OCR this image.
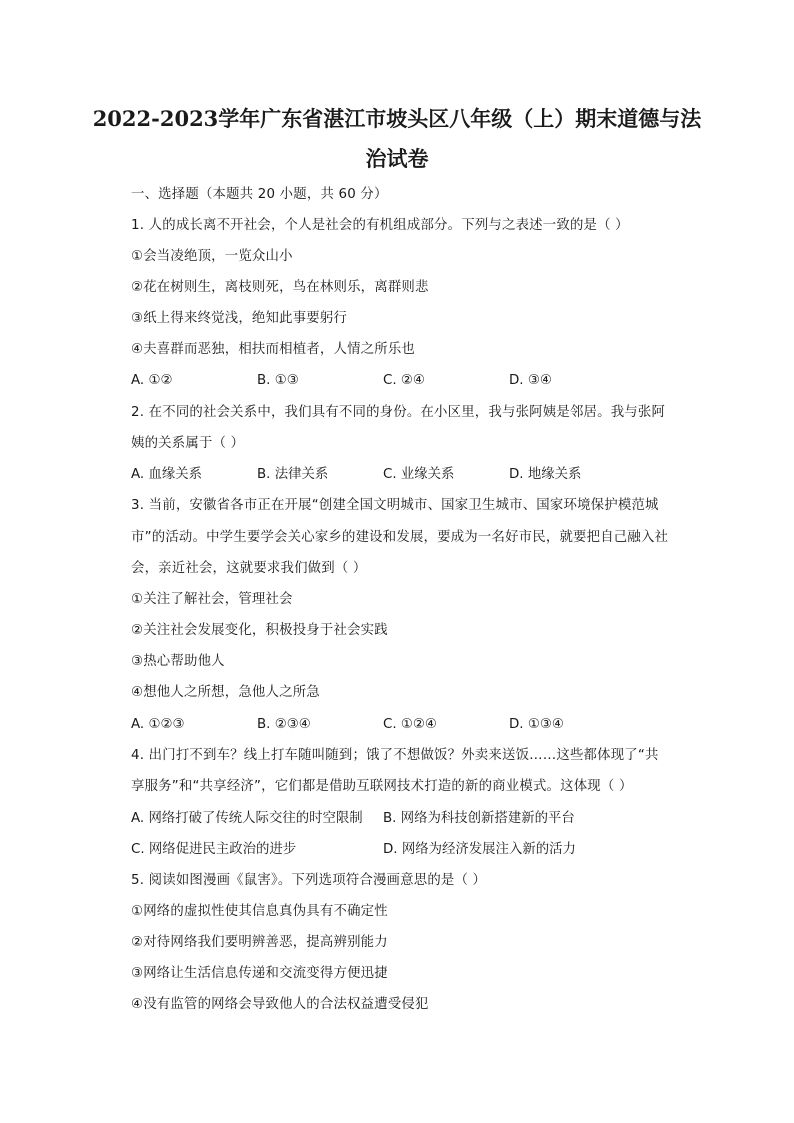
2022-2023学年广东省湛江市坡头区八年级（上）期末道德与法
治试卷
一、选择题（本题共 20 小题，共 60 分）
1. 人的成长离不开社会，个人是社会的有机组成部分。下列与之表述一致的是（ ）
①会当凌绝顶，一览众山小
②花在树则生，离枝则死，鸟在林则乐，离群则悲
③纸上得来终觉浅，绝知此事要躬行
④夫喜群而恶独，相扶而相植者，人情之所乐也
A. ①②	B. ①③	C. ②④	D. ③④
2. 在不同的社会关系中，我们具有不同的身份。在小区里，我与张阿姨是邻居。我与张阿
姨的关系属于（ ）
A. 血缘关系	B. 法律关系	C. 业缘关系	D. 地缘关系
3. 当前，安徽省各市正在开展“创建全国文明城市、国家卫生城市、国家环境保护模范城
市”的活动。中学生要学会关心家乡的建设和发展，要成为一名好市民，就要把自己融入社
会，亲近社会，这就要求我们做到（ ）
①关注了解社会，管理社会
②关注社会发展变化，积极投身于社会实践
③热心帮助他人
④想他人之所想，急他人之所急
A. ①②③	B. ②③④	C. ①②④	D. ①③④
4. 出门打不到车？线上打车随叫随到；饿了不想做饭？外卖来送饭……这些都体现了“共
享服务”和“共享经济”，它们都是借助互联网技术打造的新的商业模式。这体现（ ）
A. 网络打破了传统人际交往的时空限制 B. 网络为科技创新搭建新的平台
C. 网络促进民主政治的进步	D. 网络为经济发展注入新的活力
5. 阅读如图漫画《鼠害》。下列选项符合漫画意思的是（ ）
①网络的虚拟性使其信息真伪具有不确定性
②对待网络我们要明辨善恶，提高辨别能力
③网络让生活信息传递和交流变得方便迅捷
④没有监管的网络会导致他人的合法权益遭受侵犯
